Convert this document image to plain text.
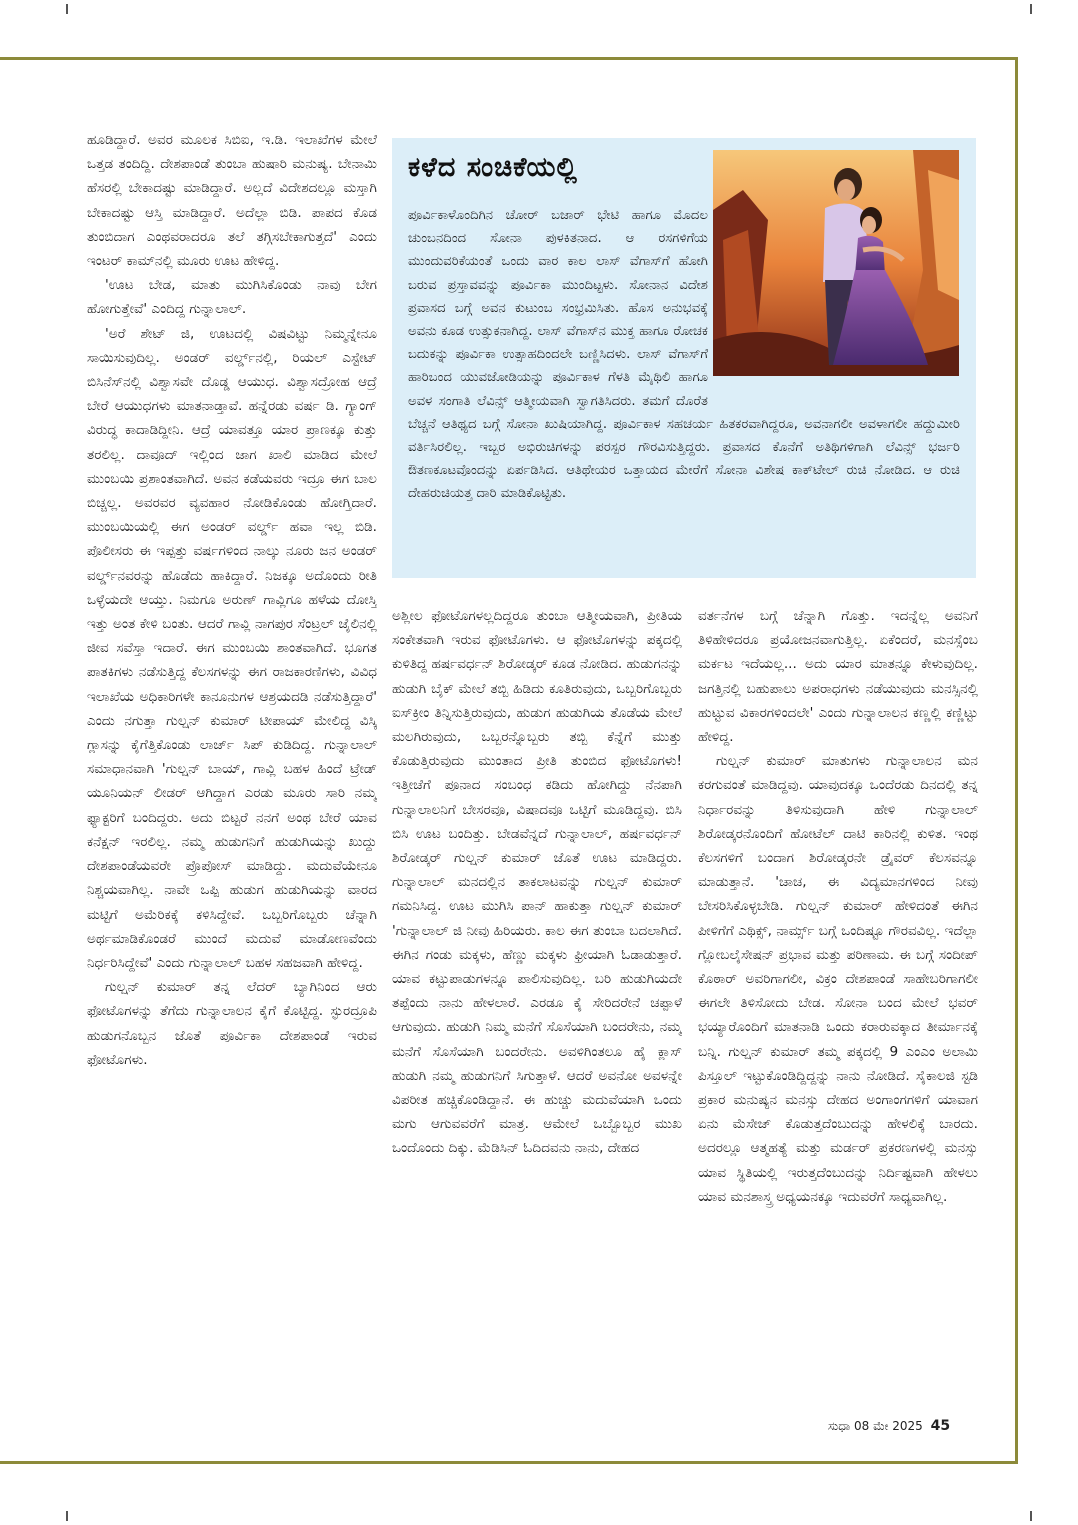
ಹೂಡಿದ್ದಾರೆ. ಅವರ ಮೂಲಕ ಸಿಬಿಐ, ಇ.ಡಿ. ಇಲಾಖೆಗಳ ಮೇಲೆ ಒತ್ತಡ ತಂದಿದ್ದಿ. ದೇಶಪಾಂಡೆ ತುಂಬಾ ಹುಷಾರಿ ಮನುಷ್ಯ. ಬೇನಾಮಿ ಹೆಸರಲ್ಲಿ ಬೇಕಾದಷ್ಟು ಮಾಡಿದ್ದಾರೆ. ಅಲ್ಲದೆ ವಿದೇಶದಲ್ಲೂ ಮಸ್ತಾಗಿ ಬೇಕಾದಷ್ಟು ಆಸ್ತಿ ಮಾಡಿದ್ದಾರೆ. ಅದೆಲ್ಲಾ ಬಿಡಿ. ಪಾಪದ ಕೊಡ ತುಂಬಿದಾಗ ಎಂಥವರಾದರೂ ತಲೆ ತಗ್ಗಿಸಬೇಕಾಗುತ್ತದೆ' ಎಂದು ಇಂಟರ್ ಕಾಮ್‌ನಲ್ಲಿ ಮೂರು ಊಟ ಹೇಳಿದ್ದ.

'ಊಟ ಬೇಡ, ಮಾತು ಮುಗಿಸಿಕೊಂಡು ನಾವು ಬೇಗ ಹೋಗುತ್ತೇವೆ' ಎಂದಿದ್ದ ಗುನ್ನಾಲಾಲ್.

'ಅರೆ ಶೇಟ್ ಜಿ, ಊಟದಲ್ಲಿ ವಿಷವಿಟ್ಟು ನಿಮ್ಮನ್ನೇನೂ ಸಾಯಿಸುವುದಿಲ್ಲ. ಅಂಡರ್ ವರ್ಲ್ಡ್‌ನಲ್ಲಿ, ರಿಯಲ್ ಎಸ್ಟೇಟ್ ಬಿಸಿನೆಸ್‌ನಲ್ಲಿ ವಿಶ್ವಾಸವೇ ದೊಡ್ಡ ಆಯುಧ. ವಿಶ್ವಾಸದ್ರೋಹ ಆದ್ರೆ ಬೇರೆ ಆಯುಧಗಳು ಮಾತನಾಡ್ತಾವೆ. ಹನ್ನೆರಡು ವರ್ಷ ಡಿ. ಗ್ಯಾಂಗ್ ವಿರುದ್ಧ ಕಾದಾಡಿದ್ದೀನಿ. ಆದ್ರೆ ಯಾವತ್ತೂ ಯಾರ ಪ್ರಾಣಕ್ಕೂ ಕುತ್ತು ತರಲಿಲ್ಲ. ದಾವೂದ್ ಇಲ್ಲಿಂದ ಜಾಗ ಖಾಲಿ ಮಾಡಿದ ಮೇಲೆ ಮುಂಬಯಿ ಪ್ರಶಾಂತವಾಗಿದೆ. ಅವನ ಕಡೆಯವರು ಇದ್ರೂ ಈಗ ಬಾಲ ಬಿಚ್ಚಲ್ಲ. ಅವರವರ ವ್ಯವಹಾರ ನೋಡಿಕೊಂಡು ಹೋಗ್ತಿದಾರೆ. ಮುಂಬಯಿಯಲ್ಲಿ ಈಗ ಅಂಡರ್ ವರ್ಲ್ಡ್ ಹವಾ ಇಲ್ಲ ಬಿಡಿ. ಪೊಲೀಸರು ಈ ಇಪ್ಪತ್ತು ವರ್ಷಗಳಿಂದ ನಾಲ್ಕು ನೂರು ಜನ ಅಂಡರ್ ವರ್ಲ್ಡ್‌ನವರನ್ನು ಹೊಡೆದು ಹಾಕಿದ್ದಾರೆ. ನಿಜಕ್ಕೂ ಅದೊಂದು ರೀತಿ ಒಳ್ಳೆಯದೇ ಆಯ್ತು. ನಿಮಗೂ ಅರುಣ್ ಗಾವ್ಲಿಗೂ ಹಳೆಯ ದೋಸ್ತಿ ಇತ್ತು ಅಂತ ಕೇಳಿ ಬಂತು. ಆದರೆ ಗಾವ್ಲಿ ನಾಗಪುರ ಸೆಂಟ್ರಲ್ ಜೈಲಿನಲ್ಲಿ ಜೀವ ಸವೆಸ್ತಾ ಇದಾರೆ. ಈಗ ಮುಂಬಯಿ ಶಾಂತವಾಗಿದೆ. ಭೂಗತ ಪಾತಕಿಗಳು ನಡೆಸುತ್ತಿದ್ದ ಕೆಲಸಗಳನ್ನು ಈಗ ರಾಜಕಾರಣಿಗಳು, ವಿವಿಧ ಇಲಾಖೆಯ ಅಧಿಕಾರಿಗಳೇ ಕಾನೂನುಗಳ ಆಶ್ರಯದಡಿ ನಡೆಸುತ್ತಿದ್ದಾರೆ' ಎಂದು ನಗುತ್ತಾ ಗುಲ್ಷನ್ ಕುಮಾರ್ ಟೀಪಾಯ್ ಮೇಲಿದ್ದ ವಿಸ್ಕಿ ಗ್ಲಾಸನ್ನು ಕೈಗೆತ್ತಿಕೊಂಡು ಲಾರ್ಜ್ ಸಿಪ್ ಕುಡಿದಿದ್ದ. ಗುನ್ನಾಲಾಲ್ ಸಮಾಧಾನವಾಗಿ 'ಗುಲ್ಷನ್ ಬಾಯ್, ಗಾವ್ಲಿ ಬಹಳ ಹಿಂದೆ ಟ್ರೇಡ್ ಯೂನಿಯನ್ ಲೀಡರ್ ಆಗಿದ್ದಾಗ ಎರಡು ಮೂರು ಸಾರಿ ನಮ್ಮ ಫ್ಯಾಕ್ಟರಿಗೆ ಬಂದಿದ್ದರು. ಅದು ಬಿಟ್ಟರೆ ನನಗೆ ಅಂಥ ಬೇರೆ ಯಾವ ಕನೆಕ್ಷನ್ ಇರಲಿಲ್ಲ. ನಮ್ಮ ಹುಡುಗನಿಗೆ ಹುಡುಗಿಯನ್ನು ಖುದ್ದು ದೇಶಪಾಂಡೆಯವರೇ ಪ್ರೊಪೋಸ್ ಮಾಡಿದ್ದು. ಮದುವೆಯೇನೂ ನಿಶ್ಚಯವಾಗಿಲ್ಲ. ನಾವೇ ಒಪ್ಪಿ ಹುಡುಗ ಹುಡುಗಿಯನ್ನು ವಾರದ ಮಟ್ಟಿಗೆ ಅಮೆರಿಕಕ್ಕೆ ಕಳಿಸಿದ್ದೇವೆ. ಒಬ್ಬರಿಗೊಬ್ಬರು ಚೆನ್ನಾಗಿ ಅರ್ಥಮಾಡಿಕೊಂಡರೆ ಮುಂದೆ ಮದುವೆ ಮಾಡೋಣವೆಂದು ನಿರ್ಧರಿಸಿದ್ದೇವೆ' ಎಂದು ಗುನ್ನಾಲಾಲ್ ಬಹಳ ಸಹಜವಾಗಿ ಹೇಳಿದ್ದ.

ಗುಲ್ಷನ್ ಕುಮಾರ್ ತನ್ನ ಲೆದರ್ ಬ್ಯಾಗಿನಿಂದ ಆರು ಫೋಟೊಗಳನ್ನು ತೆಗೆದು ಗುನ್ನಾಲಾಲನ ಕೈಗೆ ಕೊಟ್ಟಿದ್ದ. ಸ್ಫುರದ್ರೂಪಿ ಹುಡುಗನೊಬ್ಬನ ಜೊತೆ ಪೂರ್ವಿಕಾ ದೇಶಪಾಂಡೆ ಇರುವ ಫೋಟೊಗಳು.

ಕಳೆದ ಸಂಚಿಕೆಯಲ್ಲಿ
ಪೂರ್ವಿಕಾಳೊಂದಿಗಿನ ಚೋರ್ ಬಜಾರ್ ಭೇಟಿ ಹಾಗೂ ಮೊದಲ ಚುಂಬನದಿಂದ ಸೋನಾ ಪುಳಕಿತನಾದ. ಆ ರಸಗಳಿಗೆಯ ಮುಂದುವರಿಕೆಯಂತೆ ಒಂದು ವಾರ ಕಾಲ ಲಾಸ್ ವೆಗಾಸ್‌ಗೆ ಹೋಗಿ ಬರುವ ಪ್ರಸ್ತಾವವನ್ನು ಪೂರ್ವಿಕಾ ಮುಂದಿಟ್ಟಳು. ಸೋನಾನ ವಿದೇಶ ಪ್ರವಾಸದ ಬಗ್ಗೆ ಅವನ ಕುಟುಂಬ ಸಂಭ್ರಮಿಸಿತು. ಹೊಸ ಅನುಭವಕ್ಕೆ ಅವನು ಕೂಡ ಉತ್ಸುಕನಾಗಿದ್ದ. ಲಾಸ್ ವೆಗಾಸ್‌ನ ಮುಕ್ತ ಹಾಗೂ ರೋಚಕ ಬದುಕನ್ನು ಪೂರ್ವಿಕಾ ಉತ್ಸಾಹದಿಂದಲೇ ಬಣ್ಣಿಸಿದಳು. ಲಾಸ್ ವೆಗಾಸ್‌ಗೆ ಹಾರಿಬಂದ ಯುವಜೋಡಿಯನ್ನು ಪೂರ್ವಿಕಾಳ ಗೆಳತಿ ಮೈಥಿಲಿ ಹಾಗೂ ಅವಳ ಸಂಗಾತಿ ಲೆವಿನ್ಸ್ ಆತ್ಮೀಯವಾಗಿ ಸ್ವಾಗತಿಸಿದರು. ತಮಗೆ ದೊರೆತ ಬೆಚ್ಚನೆ ಆತಿಥ್ಯದ ಬಗ್ಗೆ ಸೋನಾ ಖುಷಿಯಾಗಿದ್ದ. ಪೂರ್ವಿಕಾಳ ಸಹಚರ್ಯ ಹಿತಕರವಾಗಿದ್ದರೂ, ಅವನಾಗಲೀ ಅವಳಾಗಲೀ ಹದ್ದುಮೀರಿ ವರ್ತಿಸಿರಲಿಲ್ಲ. ಇಬ್ಬರ ಅಭಿರುಚಿಗಳನ್ನು ಪರಸ್ಪರ ಗೌರವಿಸುತ್ತಿದ್ದರು. ಪ್ರವಾಸದ ಕೊನೆಗೆ ಅತಿಥಿಗಳಿಗಾಗಿ ಲೆವಿನ್ಸ್ ಭರ್ಜರಿ ಔತಣಕೂಟವೊಂದನ್ನು ಏರ್ಪಡಿಸಿದ. ಆತಿಥೇಯರ ಒತ್ತಾಯದ ಮೇರೆಗೆ ಸೋನಾ ವಿಶೇಷ ಕಾಕ್‌ಟೇಲ್ ರುಚಿ ನೋಡಿದ. ಆ ರುಚಿ ದೇಹರುಚಿಯತ್ತ ದಾರಿ ಮಾಡಿಕೊಟ್ಟಿತು.

ಅಶ್ಲೀಲ ಫೋಟೊಗಳಲ್ಲದಿದ್ದರೂ ತುಂಬಾ ಆತ್ಮೀಯವಾಗಿ, ಪ್ರೀತಿಯ ಸಂಕೇತವಾಗಿ ಇರುವ ಫೋಟೊಗಳು. ಆ ಫೋಟೊಗಳನ್ನು ಪಕ್ಕದಲ್ಲಿ ಕುಳಿತಿದ್ದ ಹರ್ಷವರ್ಧನ್ ಶಿರೋಡ್ಕರ್ ಕೂಡ ನೋಡಿದ. ಹುಡುಗನನ್ನು ಹುಡುಗಿ ಬೈಕ್ ಮೇಲೆ ತಬ್ಬಿ ಹಿಡಿದು ಕೂತಿರುವುದು, ಒಬ್ಬರಿಗೊಬ್ಬರು ಐಸ್‌ಕ್ರೀಂ ತಿನ್ನಿಸುತ್ತಿರುವುದು, ಹುಡುಗ ಹುಡುಗಿಯ ತೊಡೆಯ ಮೇಲೆ ಮಲಗಿರುವುದು, ಒಬ್ಬರನ್ನೊಬ್ಬರು ತಬ್ಬಿ ಕೆನ್ನೆಗೆ ಮುತ್ತು ಕೊಡುತ್ತಿರುವುದು ಮುಂತಾದ ಪ್ರೀತಿ ತುಂಬಿದ ಫೋಟೊಗಳು! ಇತ್ತೀಚೆಗೆ ಪೂನಾದ ಸಂಬಂಧ ಕಡಿದು ಹೋಗಿದ್ದು ನೆನಪಾಗಿ ಗುನ್ನಾಲಾಲನಿಗೆ ಬೇಸರವೂ, ವಿಷಾದವೂ ಒಟ್ಟಿಗೆ ಮೂಡಿದ್ದವು. ಬಿಸಿ ಬಿಸಿ ಊಟ ಬಂದಿತ್ತು. ಬೇಡವೆನ್ನದೆ ಗುನ್ನಾಲಾಲ್, ಹರ್ಷವರ್ಧನ್ ಶಿರೋಡ್ಕರ್ ಗುಲ್ಷನ್ ಕುಮಾರ್ ಜೊತೆ ಊಟ ಮಾಡಿದ್ದರು. ಗುನ್ನಾಲಾಲ್ ಮನದಲ್ಲಿನ ತಾಕಲಾಟವನ್ನು ಗುಲ್ಷನ್ ಕುಮಾರ್ ಗಮನಿಸಿದ್ದ. ಊಟ ಮುಗಿಸಿ ಪಾನ್ ಹಾಕುತ್ತಾ ಗುಲ್ಷನ್ ಕುಮಾರ್ 'ಗುನ್ನಾಲಾಲ್ ಜಿ ನೀವು ಹಿರಿಯರು. ಕಾಲ ಈಗ ತುಂಬಾ ಬದಲಾಗಿದೆ. ಈಗಿನ ಗಂಡು ಮಕ್ಕಳು, ಹೆಣ್ಣು ಮಕ್ಕಳು ಫ್ರೀಯಾಗಿ ಓಡಾಡುತ್ತಾರೆ. ಯಾವ ಕಟ್ಟುಪಾಡುಗಳನ್ನೂ ಪಾಲಿಸುವುದಿಲ್ಲ. ಬರಿ ಹುಡುಗಿಯದೇ ತಪ್ಪೆಂದು ನಾನು ಹೇಳಲಾರೆ. ಎರಡೂ ಕೈ ಸೇರಿದರೇನೆ ಚಪ್ಪಾಳೆ ಆಗುವುದು. ಹುಡುಗಿ ನಿಮ್ಮ ಮನೆಗೆ ಸೊಸೆಯಾಗಿ ಬಂದರೇನು, ನಮ್ಮ ಮನೆಗೆ ಸೊಸೆಯಾಗಿ ಬಂದರೇನು. ಅವಳಿಗಿಂತಲೂ ಹೈ ಕ್ಲಾಸ್ ಹುಡುಗಿ ನಮ್ಮ ಹುಡುಗನಿಗೆ ಸಿಗುತ್ತಾಳೆ. ಆದರೆ ಅವನೋ ಅವಳನ್ನೇ ವಿಪರೀತ ಹಚ್ಚಿಕೊಂಡಿದ್ದಾನೆ. ಈ ಹುಚ್ಚು ಮದುವೆಯಾಗಿ ಒಂದು ಮಗು ಆಗುವವರೆಗೆ ಮಾತ್ರ. ಆಮೇಲೆ ಒಬ್ಬೊಬ್ಬರ ಮುಖ ಒಂದೊಂದು ದಿಕ್ಕು. ಮೆಡಿಸಿನ್ ಓದಿದವನು ನಾನು, ದೇಹದ

ವರ್ತನೆಗಳ ಬಗ್ಗೆ ಚೆನ್ನಾಗಿ ಗೊತ್ತು. ಇದನ್ನೆಲ್ಲ ಅವನಿಗೆ ತಿಳಿಹೇಳಿದರೂ ಪ್ರಯೋಜನವಾಗುತ್ತಿಲ್ಲ. ಏಕೆಂದರೆ, ಮನಸ್ಸೆಂಬ ಮರ್ಕಟ ಇದೆಯಲ್ಲ... ಅದು ಯಾರ ಮಾತನ್ನೂ ಕೇಳುವುದಿಲ್ಲ. ಜಗತ್ತಿನಲ್ಲಿ ಬಹುಪಾಲು ಅಪರಾಧಗಳು ನಡೆಯುವುದು ಮನಸ್ಸಿನಲ್ಲಿ ಹುಟ್ಟುವ ವಿಕಾರಗಳಿಂದಲೇ' ಎಂದು ಗುನ್ನಾಲಾಲನ ಕಣ್ಣಲ್ಲಿ ಕಣ್ಣಿಟ್ಟು ಹೇಳಿದ್ದ.

ಗುಲ್ಷನ್ ಕುಮಾರ್ ಮಾತುಗಳು ಗುನ್ನಾಲಾಲನ ಮನ ಕರಗುವಂತೆ ಮಾಡಿದ್ದವು. ಯಾವುದಕ್ಕೂ ಒಂದೆರಡು ದಿನದಲ್ಲಿ ತನ್ನ ನಿರ್ಧಾರವನ್ನು ತಿಳಿಸುವುದಾಗಿ ಹೇಳಿ ಗುನ್ನಾಲಾಲ್ ಶಿರೋಡ್ಕರನೊಂದಿಗೆ ಹೋಟೆಲ್ ದಾಟಿ ಕಾರಿನಲ್ಲಿ ಕುಳಿತ. ಇಂಥ ಕೆಲಸಗಳಿಗೆ ಬಂದಾಗ ಶಿರೋಡ್ಕರನೇ ಡ್ರೈವರ್ ಕೆಲಸವನ್ನೂ ಮಾಡುತ್ತಾನೆ. 'ಚಾಚ, ಈ ವಿದ್ಯಮಾನಗಳಿಂದ ನೀವು ಬೇಸರಿಸಿಕೊಳ್ಳಬೇಡಿ. ಗುಲ್ಷನ್ ಕುಮಾರ್ ಹೇಳಿದಂತೆ ಈಗಿನ ಪೀಳಿಗೆಗೆ ಎಥಿಕ್ಸ್, ನಾರ್ಮ್ಸ್ ಬಗ್ಗೆ ಒಂದಿಷ್ಟೂ ಗೌರವವಿಲ್ಲ. ಇದೆಲ್ಲಾ ಗ್ಲೋಬಲೈಸೇಷನ್ ಪ್ರಭಾವ ಮತ್ತು ಪರಿಣಾಮ. ಈ ಬಗ್ಗೆ ಸಂದೀಪ್ ಕೊಠಾರ್ ಅವರಿಗಾಗಲೀ, ವಿಕ್ರಂ ದೇಶಪಾಂಡೆ ಸಾಹೇಬರಿಗಾಗಲೀ ಈಗಲೇ ತಿಳಿಸೋದು ಬೇಡ. ಸೋನಾ ಬಂದ ಮೇಲೆ ಭವರ್ ಭಯ್ಯಾರೊಂದಿಗೆ ಮಾತನಾಡಿ ಒಂದು ಕರಾರುವಕ್ಕಾದ ತೀರ್ಮಾನಕ್ಕೆ ಬನ್ನಿ. ಗುಲ್ಷನ್ ಕುಮಾರ್ ತಮ್ಮ ಪಕ್ಕದಲ್ಲಿ 9 ಎಂಎಂ ಅಲಾಮಿ ಪಿಸ್ತೂಲ್ ಇಟ್ಟುಕೊಂಡಿದ್ದಿದ್ದನ್ನು ನಾನು ನೋಡಿದೆ. ಸೈಕಾಲಜಿ ಸ್ಟಡಿ ಪ್ರಕಾರ ಮನುಷ್ಯನ ಮನಸ್ಸು ದೇಹದ ಅಂಗಾಂಗಗಳಿಗೆ ಯಾವಾಗ ಏನು ಮೆಸೇಜ್ ಕೊಡುತ್ತದೆಂಬುದನ್ನು ಹೇಳಲಿಕ್ಕೆ ಬಾರದು. ಅದರಲ್ಲೂ ಆತ್ಮಹತ್ಯೆ ಮತ್ತು ಮರ್ಡರ್ ಪ್ರಕರಣಗಳಲ್ಲಿ ಮನಸ್ಸು ಯಾವ ಸ್ಥಿತಿಯಲ್ಲಿ ಇರುತ್ತದೆಂಬುದನ್ನು ನಿರ್ದಿಷ್ಟವಾಗಿ ಹೇಳಲು ಯಾವ ಮನಶಾಸ್ತ್ರ ಅಧ್ಯಯನಕ್ಕೂ ಇದುವರೆಗೆ ಸಾಧ್ಯವಾಗಿಲ್ಲ.

ಸುಧಾ 08 ಮೇ 2025 45
